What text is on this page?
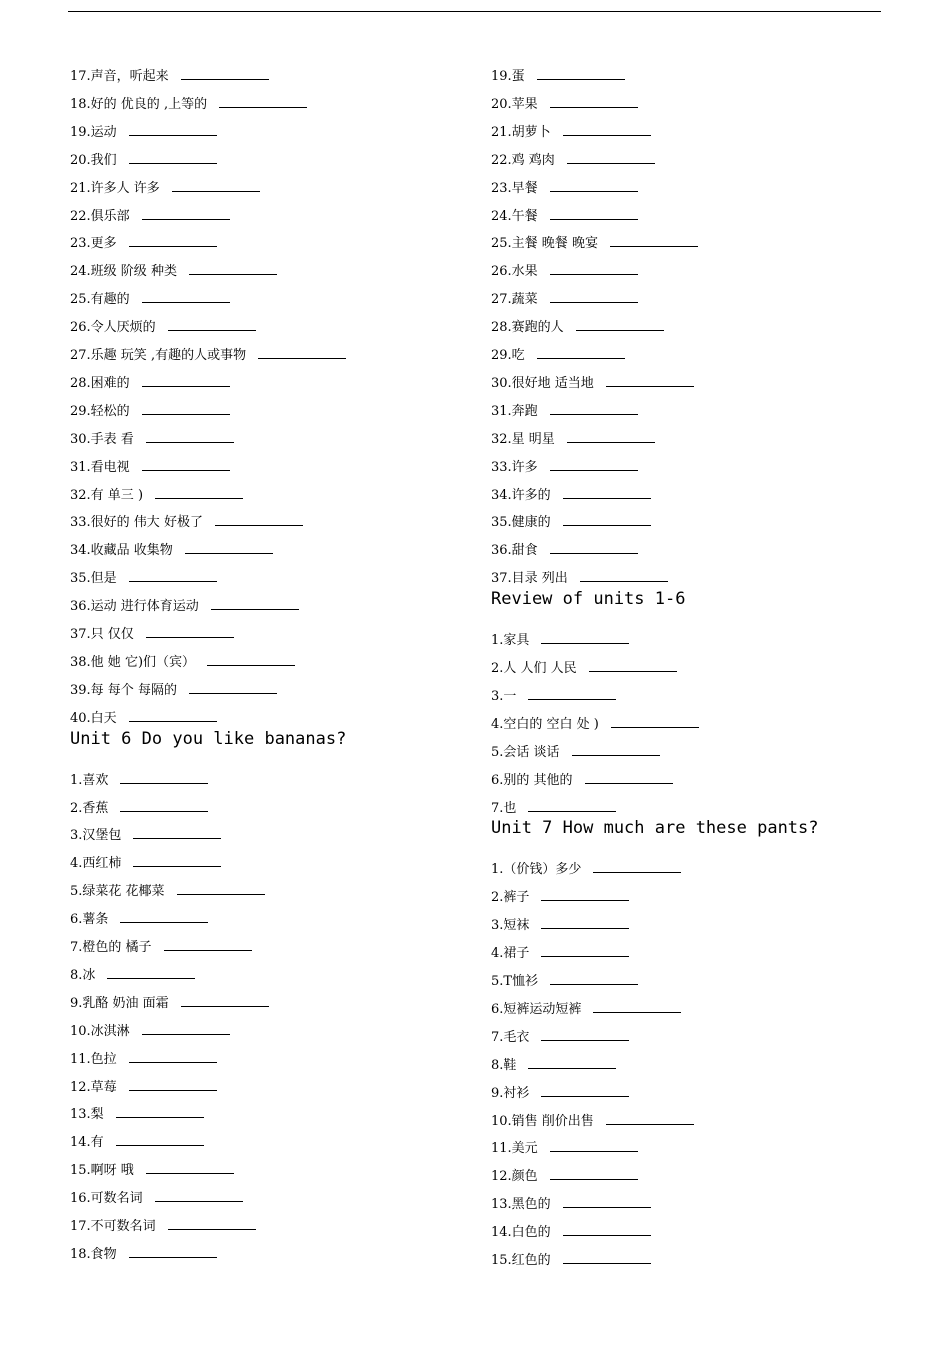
17.声音，听起来
18.好的 优良的 ,上等的
19.运动
20.我们
21.许多人 许多
22.俱乐部
23.更多
24.班级 阶级 种类
25.有趣的
26.令人厌烦的
27.乐趣 玩笑 ,有趣的人或事物
28.困难的
29.轻松的
30.手表 看
31.看电视
32.有 单三 )
33.很好的 伟大 好极了
34.收藏品 收集物
35.但是
36.运动 进行体育运动
37.只 仅仅
38.他 她 它)们（宾）
39.每 每个 每隔的
40.白天
Unit 6 Do you like bananas?
1.喜欢
2.香蕉
3.汉堡包
4.西红柿
5.绿菜花 花椰菜
6.薯条
7.橙色的 橘子
8.冰
9.乳酪 奶油 面霜
10.冰淇淋
11.色拉
12.草莓
13.梨
14.有
15.啊呀 哦
16.可数名词
17.不可数名词
18.食物
19.蛋
20.苹果
21.胡萝卜
22.鸡 鸡肉
23.早餐
24.午餐
25.主餐 晚餐 晚宴
26.水果
27.蔬菜
28.赛跑的人
29.吃
30.很好地 适当地
31.奔跑
32.星 明星
33.许多
34.许多的
35.健康的
36.甜食
37.目录 列出
Review of units 1-6
1.家具
2.人 人们 人民
3.一
4.空白的 空白 处 )
5.会话 谈话
6.别的 其他的
7.也
Unit 7 How much are these pants?
1.（价钱）多少
2.裤子
3.短袜
4.裙子
5.T恤衫
6.短裤运动短裤
7.毛衣
8.鞋
9.衬衫
10.销售 削价出售
11.美元
12.颜色
13.黑色的
14.白色的
15.红色的
